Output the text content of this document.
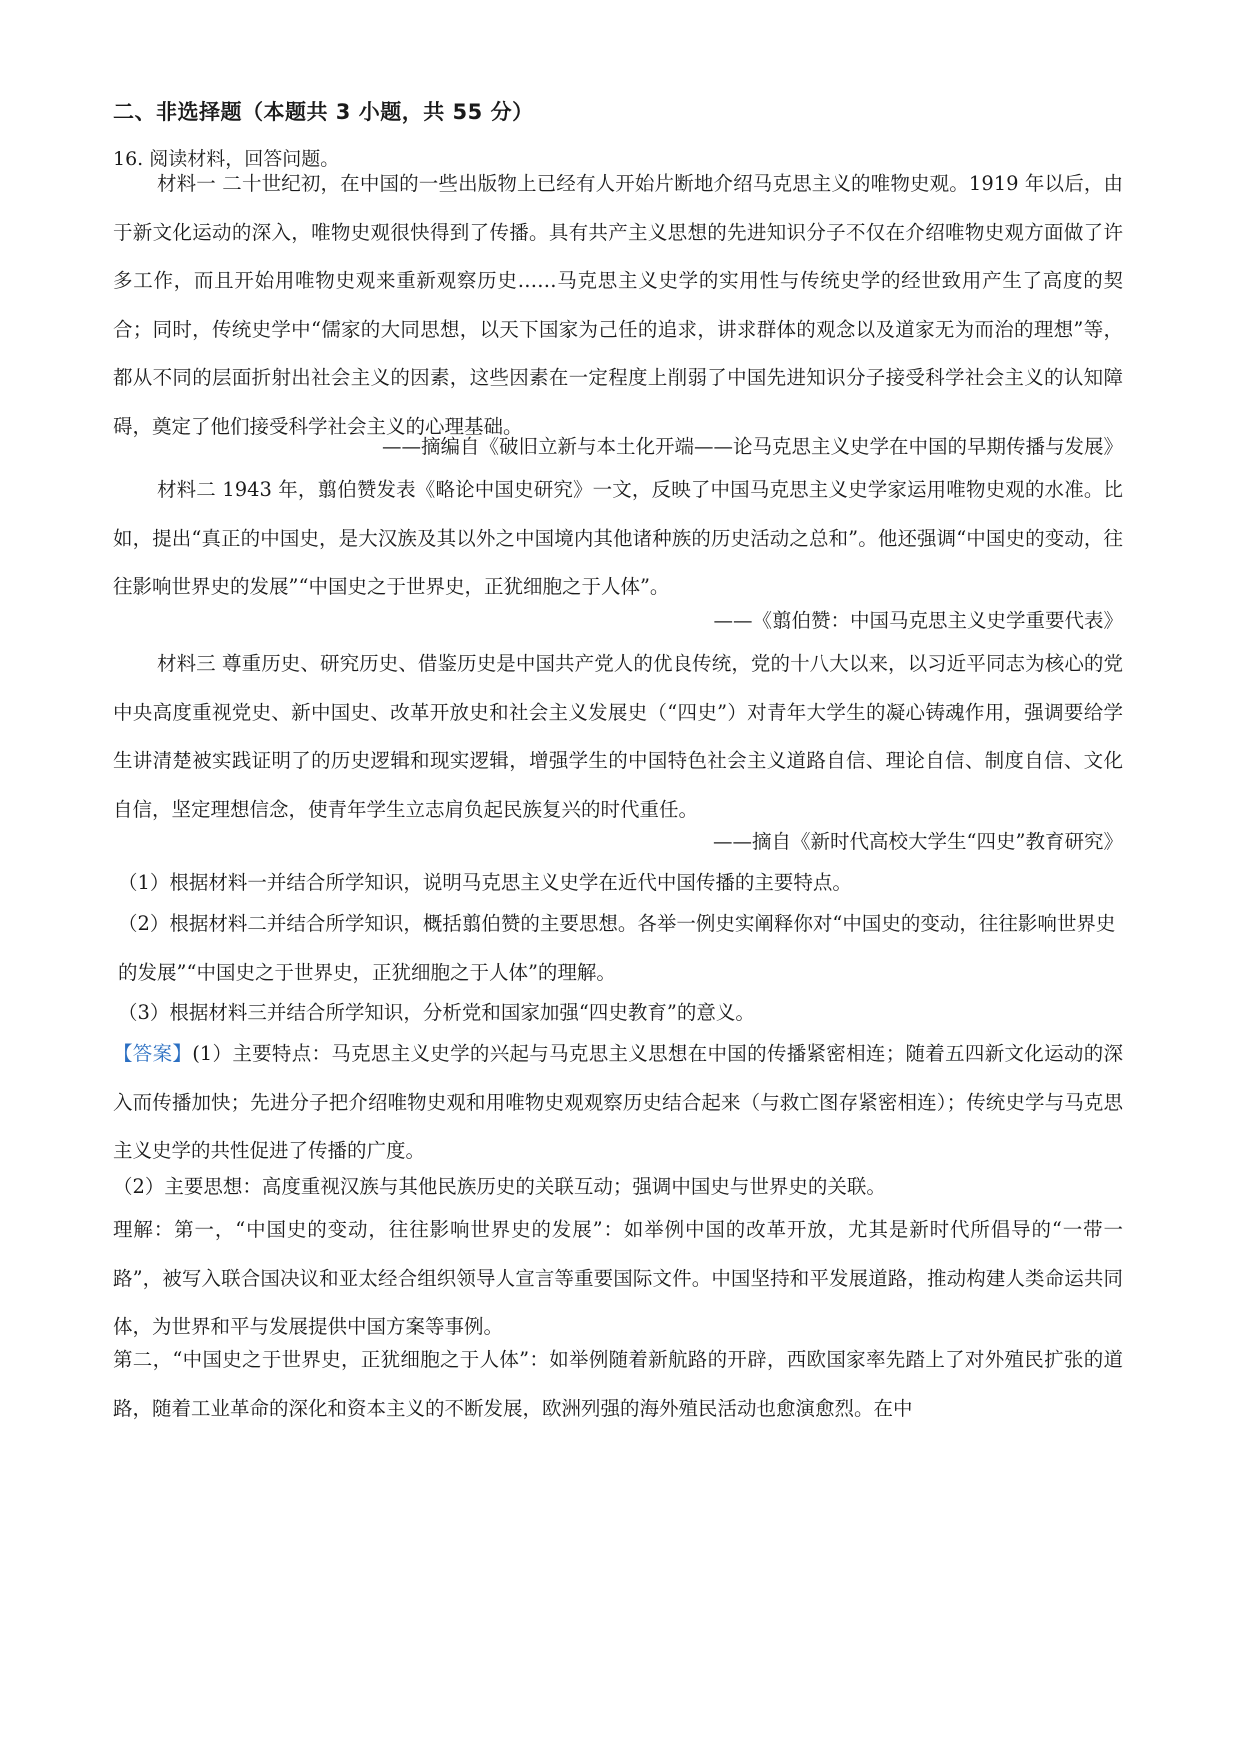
二、非选择题（本题共 3 小题，共 55 分）
16. 阅读材料，回答问题。
材料一 二十世纪初，在中国的一些出版物上已经有人开始片断地介绍马克思主义的唯物史观。1919 年以后，由于新文化运动的深入，唯物史观很快得到了传播。具有共产主义思想的先进知识分子不仅在介绍唯物史观方面做了许多工作，而且开始用唯物史观来重新观察历史……马克思主义史学的实用性与传统史学的经世致用产生了高度的契合；同时，传统史学中“儒家的大同思想，以天下国家为己任的追求，讲求群体的观念以及道家无为而治的理想”等，都从不同的层面折射出社会主义的因素，这些因素在一定程度上削弱了中国先进知识分子接受科学社会主义的认知障碍，奠定了他们接受科学社会主义的心理基础。
——摘编自《破旧立新与本土化开端——论马克思主义史学在中国的早期传播与发展》
材料二 1943 年，翦伯赞发表《略论中国史研究》一文，反映了中国马克思主义史学家运用唯物史观的水准。比如，提出“真正的中国史，是大汉族及其以外之中国境内其他诸种族的历史活动之总和”。他还强调“中国史的变动，往往影响世界史的发展”“中国史之于世界史，正犹细胞之于人体”。
——《翦伯赞：中国马克思主义史学重要代表》
材料三 尊重历史、研究历史、借鉴历史是中国共产党人的优良传统，党的十八大以来，以习近平同志为核心的党中央高度重视党史、新中国史、改革开放史和社会主义发展史（“四史”）对青年大学生的凝心铸魂作用，强调要给学生讲清楚被实践证明了的历史逻辑和现实逻辑，增强学生的中国特色社会主义道路自信、理论自信、制度自信、文化自信，坚定理想信念，使青年学生立志肩负起民族复兴的时代重任。
——摘自《新时代高校大学生“四史”教育研究》
（1）根据材料一并结合所学知识，说明马克思主义史学在近代中国传播的主要特点。
（2）根据材料二并结合所学知识，概括翦伯赞的主要思想。各举一例史实阐释你对“中国史的变动，往往影响世界史的发展”“中国史之于世界史，正犹细胞之于人体”的理解。
（3）根据材料三并结合所学知识，分析党和国家加强“四史教育”的意义。
【答案】(1）主要特点：马克思主义史学的兴起与马克思主义思想在中国的传播紧密相连；随着五四新文化运动的深入而传播加快；先进分子把介绍唯物史观和用唯物史观观察历史结合起来（与救亡图存紧密相连）；传统史学与马克思主义史学的共性促进了传播的广度。
（2）主要思想：高度重视汉族与其他民族历史的关联互动；强调中国史与世界史的关联。
理解：第一，“中国史的变动，往往影响世界史的发展”：如举例中国的改革开放，尤其是新时代所倡导的“一带一路”，被写入联合国决议和亚太经合组织领导人宣言等重要国际文件。中国坚持和平发展道路，推动构建人类命运共同体，为世界和平与发展提供中国方案等事例。
第二，“中国史之于世界史，正犹细胞之于人体”：如举例随着新航路的开辟，西欧国家率先踏上了对外殖民扩张的道路，随着工业革命的深化和资本主义的不断发展，欧洲列强的海外殖民活动也愈演愈烈。在中
